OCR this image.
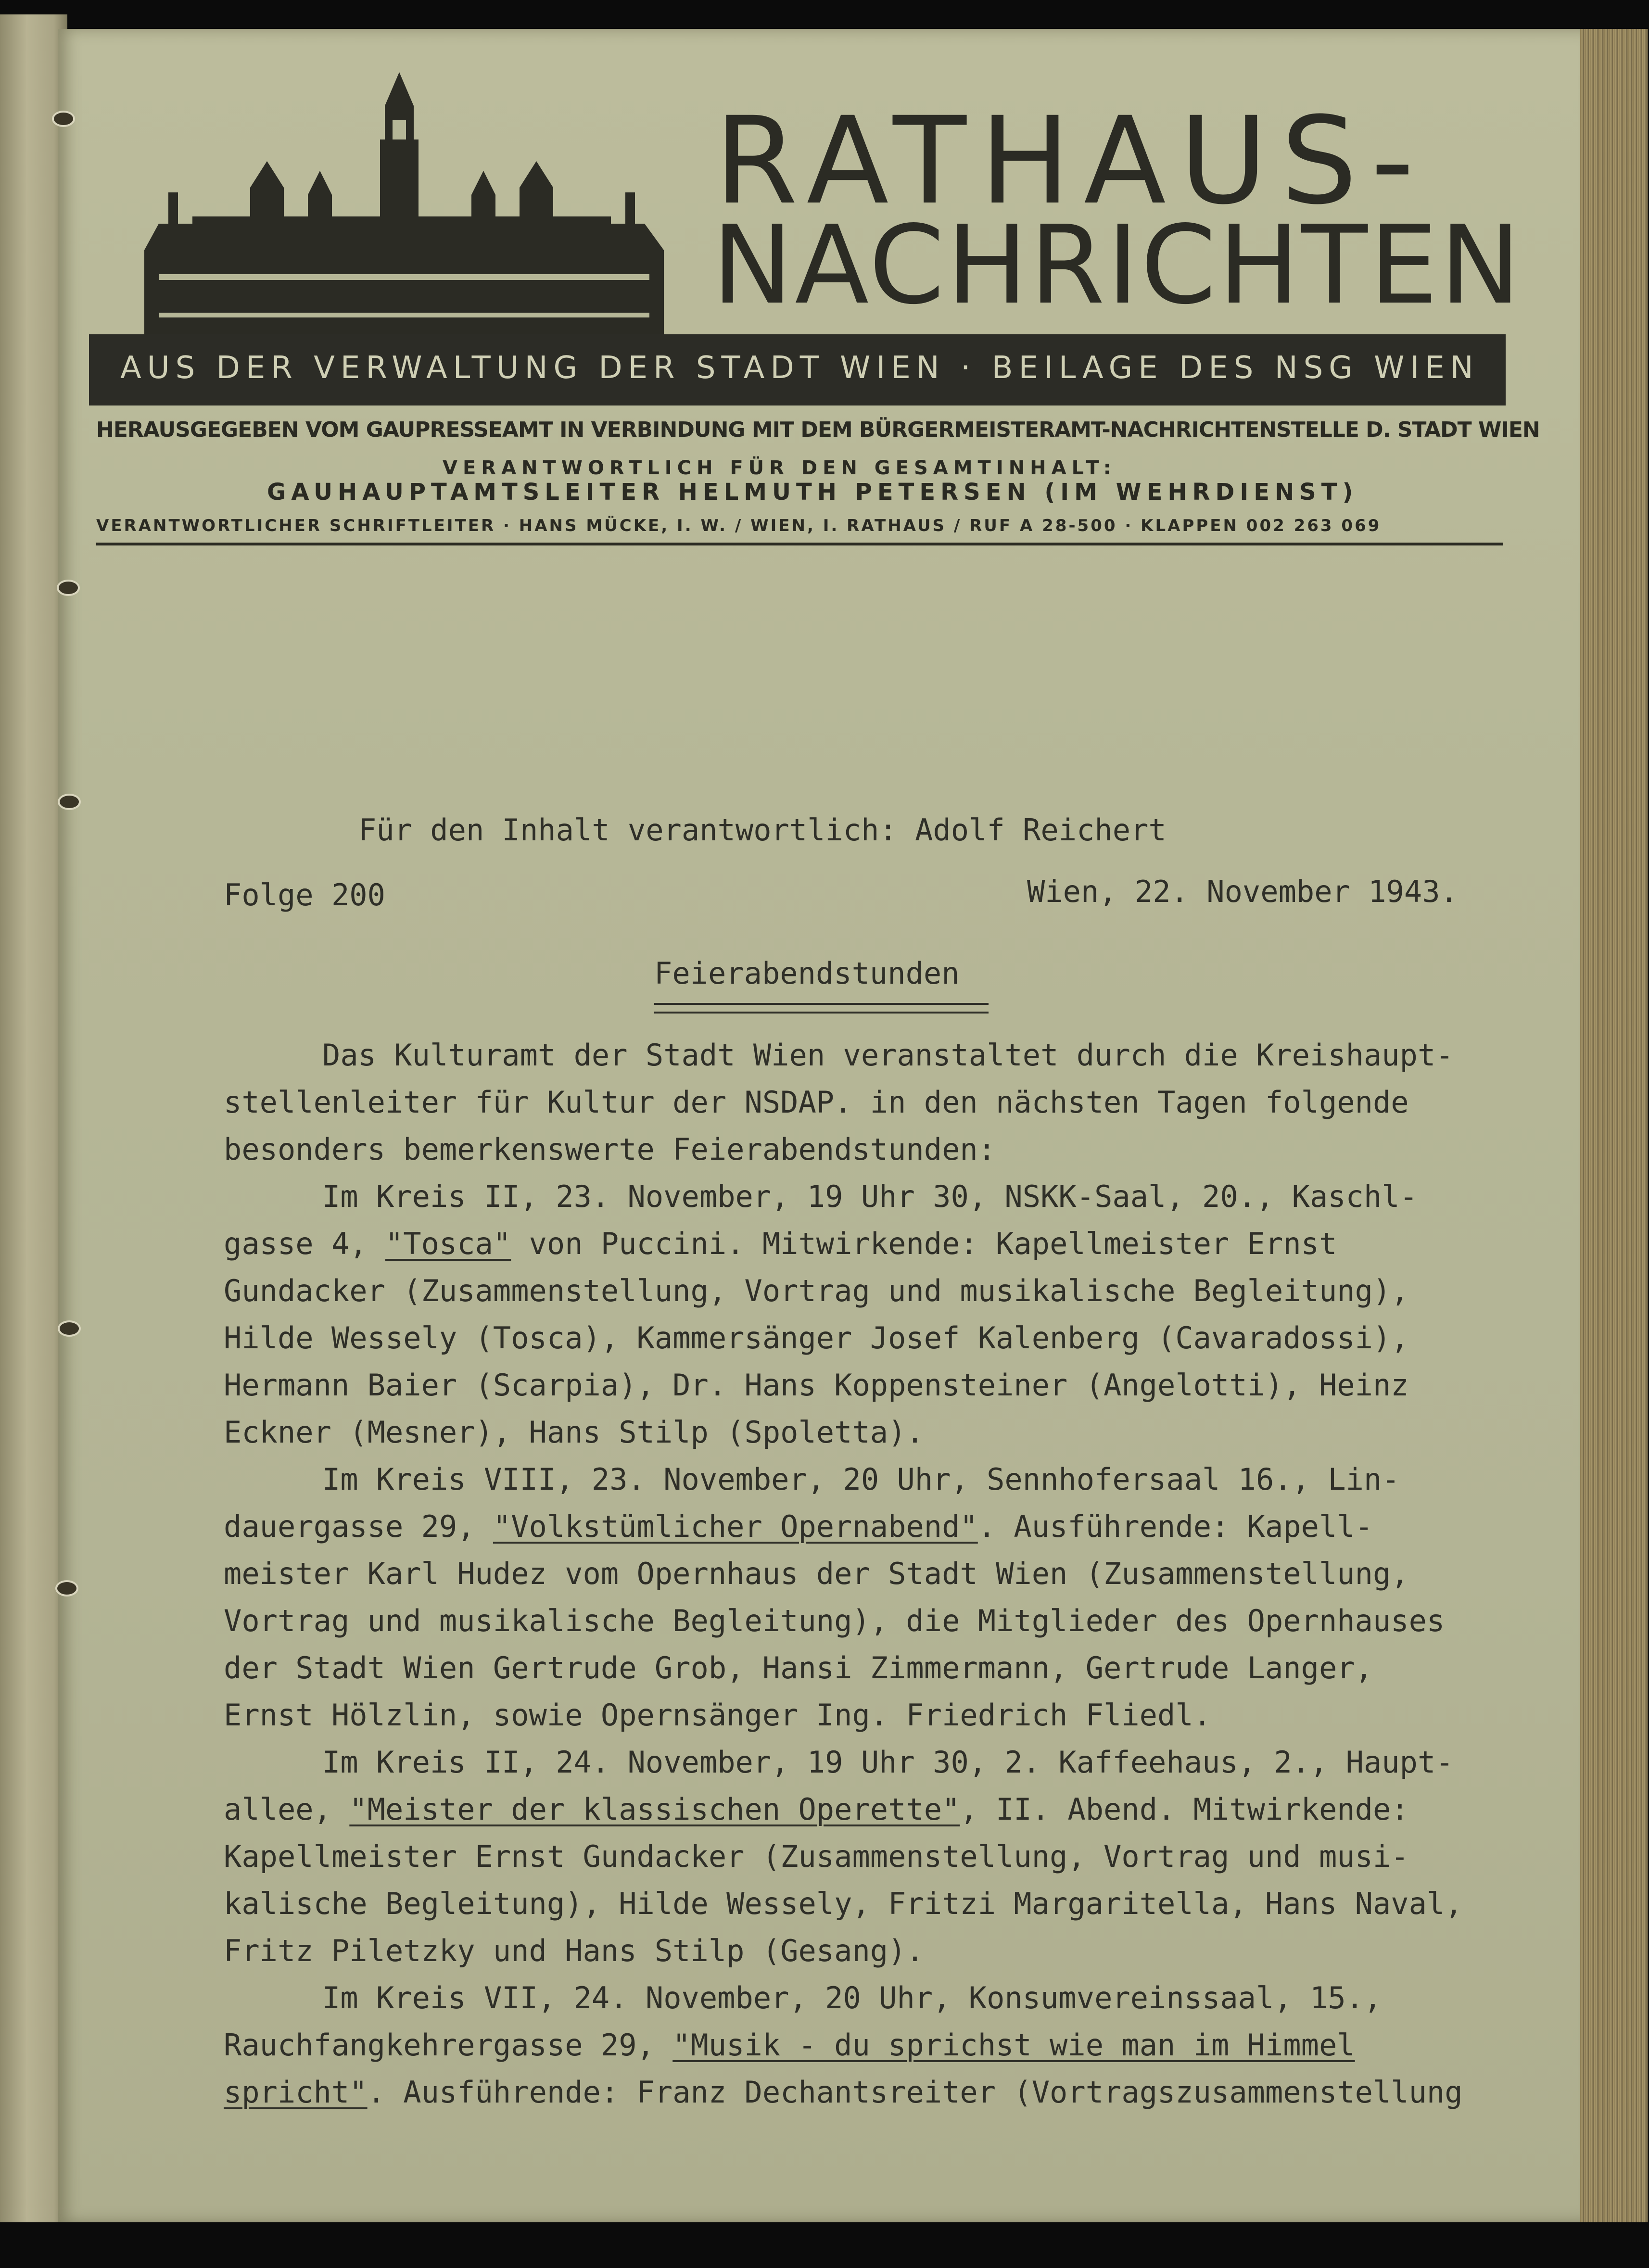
RATHAUS-
NACHRICHTEN
AUS DER VERWALTUNG DER STADT WIEN · BEILAGE DES NSG WIEN
HERAUSGEGEBEN VOM GAUPRESSEAMT IN VERBINDUNG MIT DEM BÜRGERMEISTERAMT-NACHRICHTENSTELLE D. STADT WIEN
VERANTWORTLICH FÜR DEN GESAMTINHALT:
GAUHAUPTAMTSLEITER HELMUTH PETERSEN (IM WEHRDIENST)
VERANTWORTLICHER SCHRIFTLEITER · HANS MÜCKE, I. W. / WIEN, I. RATHAUS / RUF A 28-500 · KLAPPEN 002 263 069
Für den Inhalt verantwortlich: Adolf Reichert
Folge 200	Wien, 22. November 1943.
Feierabendstunden
Das Kulturamt der Stadt Wien veranstaltet durch die Kreishaupt-
stellenleiter für Kultur der NSDAP. in den nächsten Tagen folgende
besonders bemerkenswerte Feierabendstunden:
Im Kreis II, 23. November, 19 Uhr 30, NSKK-Saal, 20., Kaschl-
gasse 4, "Tosca" von Puccini. Mitwirkende: Kapellmeister Ernst
Gundacker (Zusammenstellung, Vortrag und musikalische Begleitung),
Hilde Wessely (Tosca), Kammersänger Josef Kalenberg (Cavaradossi),
Hermann Baier (Scarpia), Dr. Hans Koppensteiner (Angelotti), Heinz
Eckner (Mesner), Hans Stilp (Spoletta).
Im Kreis VIII, 23. November, 20 Uhr, Sennhofersaal 16., Lin-
dauergasse 29, "Volkstümlicher Opernabend". Ausführende: Kapell-
meister Karl Hudez vom Opernhaus der Stadt Wien (Zusammenstellung,
Vortrag und musikalische Begleitung), die Mitglieder des Opernhauses
der Stadt Wien Gertrude Grob, Hansi Zimmermann, Gertrude Langer,
Ernst Hölzlin, sowie Opernsänger Ing. Friedrich Fliedl.
Im Kreis II, 24. November, 19 Uhr 30, 2. Kaffeehaus, 2., Haupt-
allee, "Meister der klassischen Operette", II. Abend. Mitwirkende:
Kapellmeister Ernst Gundacker (Zusammenstellung, Vortrag und musi-
kalische Begleitung), Hilde Wessely, Fritzi Margaritella, Hans Naval,
Fritz Piletzky und Hans Stilp (Gesang).
Im Kreis VII, 24. November, 20 Uhr, Konsumvereinssaal, 15.,
Rauchfangkehrergasse 29, "Musik - du sprichst wie man im Himmel
spricht". Ausführende: Franz Dechantsreiter (Vortragszusammenstellung
